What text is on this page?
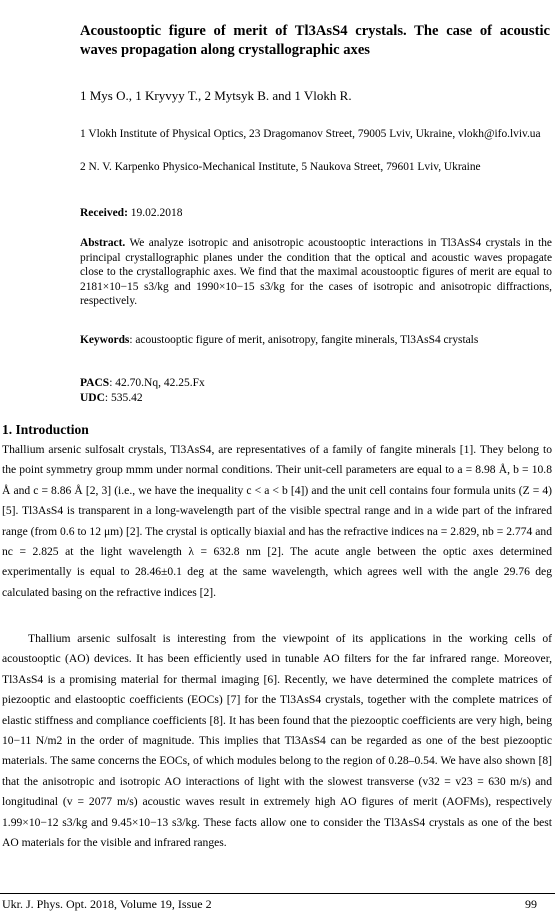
Acoustooptic figure of merit of Tl3AsS4 crystals. The case of acoustic waves propagation along crystallographic axes
1 Mys O., 1 Kryvyy T., 2 Mytsyk B. and 1 Vlokh R.
1 Vlokh Institute of Physical Optics, 23 Dragomanov Street, 79005 Lviv, Ukraine, vlokh@ifo.lviv.ua
2 N. V. Karpenko Physico-Mechanical Institute, 5 Naukova Street, 79601 Lviv, Ukraine
Received: 19.02.2018
Abstract. We analyze isotropic and anisotropic acoustooptic interactions in Tl3AsS4 crystals in the principal crystallographic planes under the condition that the optical and acoustic waves propagate close to the crystallographic axes. We find that the maximal acoustooptic figures of merit are equal to 2181×10−15 s3/kg and 1990×10−15 s3/kg for the cases of isotropic and anisotropic diffractions, respectively.
Keywords: acoustooptic figure of merit, anisotropy, fangite minerals, Tl3AsS4 crystals
PACS: 42.70.Nq, 42.25.Fx
UDC: 535.42
1. Introduction
Thallium arsenic sulfosalt crystals, Tl3AsS4, are representatives of a family of fangite minerals [1]. They belong to the point symmetry group mmm under normal conditions. Their unit-cell parameters are equal to a = 8.98 Å, b = 10.8 Å and c = 8.86 Å [2, 3] (i.e., we have the inequality c < a < b [4]) and the unit cell contains four formula units (Z = 4) [5]. Tl3AsS4 is transparent in a long-wavelength part of the visible spectral range and in a wide part of the infrared range (from 0.6 to 12 μm) [2]. The crystal is optically biaxial and has the refractive indices na = 2.829, nb = 2.774 and nc = 2.825 at the light wavelength λ = 632.8 nm [2]. The acute angle between the optic axes determined experimentally is equal to 28.46±0.1 deg at the same wavelength, which agrees well with the angle 29.76 deg calculated basing on the refractive indices [2].
Thallium arsenic sulfosalt is interesting from the viewpoint of its applications in the working cells of acoustooptic (AO) devices. It has been efficiently used in tunable AO filters for the far infrared range. Moreover, Tl3AsS4 is a promising material for thermal imaging [6]. Recently, we have determined the complete matrices of piezooptic and elastooptic coefficients (EOCs) [7] for the Tl3AsS4 crystals, together with the complete matrices of elastic stiffness and compliance coefficients [8]. It has been found that the piezooptic coefficients are very high, being 10−11 N/m2 in the order of magnitude. This implies that Tl3AsS4 can be regarded as one of the best piezooptic materials. The same concerns the EOCs, of which modules belong to the region of 0.28–0.54. We have also shown [8] that the anisotropic and isotropic AO interactions of light with the slowest transverse (v32 = v23 = 630 m/s) and longitudinal (v = 2077 m/s) acoustic waves result in extremely high AO figures of merit (AOFMs), respectively 1.99×10−12 s3/kg and 9.45×10−13 s3/kg. These facts allow one to consider the Tl3AsS4 crystals as one of the best AO materials for the visible and infrared ranges.
Ukr. J. Phys. Opt. 2018, Volume 19, Issue 2	99
